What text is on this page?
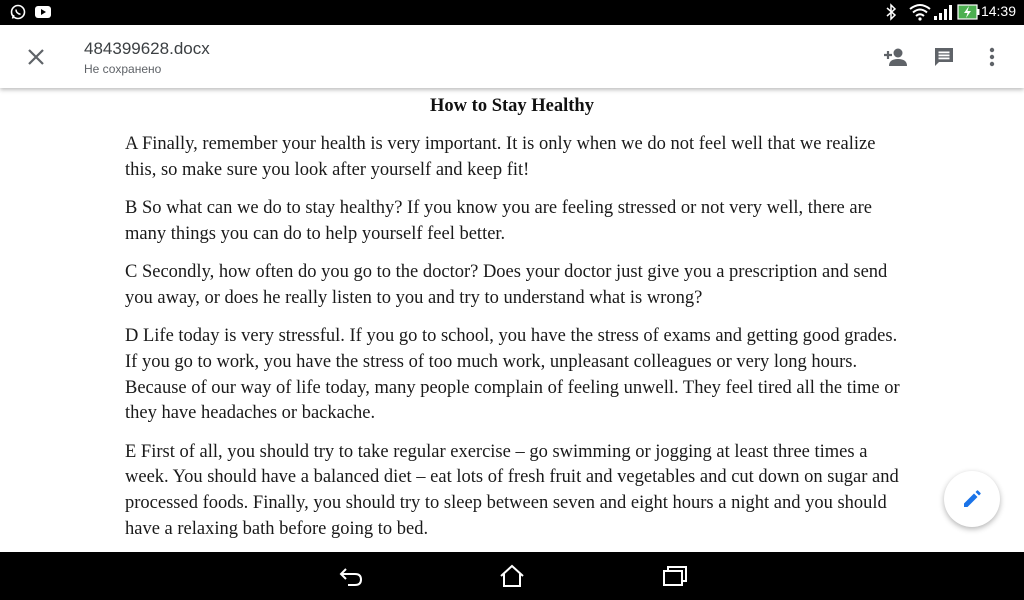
14:39
484399628.docx
Не сохранено
How to Stay Healthy

A Finally, remember your health is very important. It is only when we do not feel well that we realize this, so make sure you look after yourself and keep fit!

B So what can we do to stay healthy? If you know you are feeling stressed or not very well, there are many things you can do to help yourself feel better.

C Secondly, how often do you go to the doctor? Does your doctor just give you a prescription and send you away, or does he really listen to you and try to understand what is wrong?

D Life today is very stressful. If you go to school, you have the stress of exams and getting good grades. If you go to work, you have the stress of too much work, unpleasant colleagues or very long hours. Because of our way of life today, many people complain of feeling unwell. They feel tired all the time or they have headaches or backache.

E First of all, you should try to take regular exercise – go swimming or jogging at least three times a week. You should have a balanced diet – eat lots of fresh fruit and vegetables and cut down on sugar and processed foods. Finally, you should try to sleep between seven and eight hours a night and you should have a relaxing bath before going to bed.
